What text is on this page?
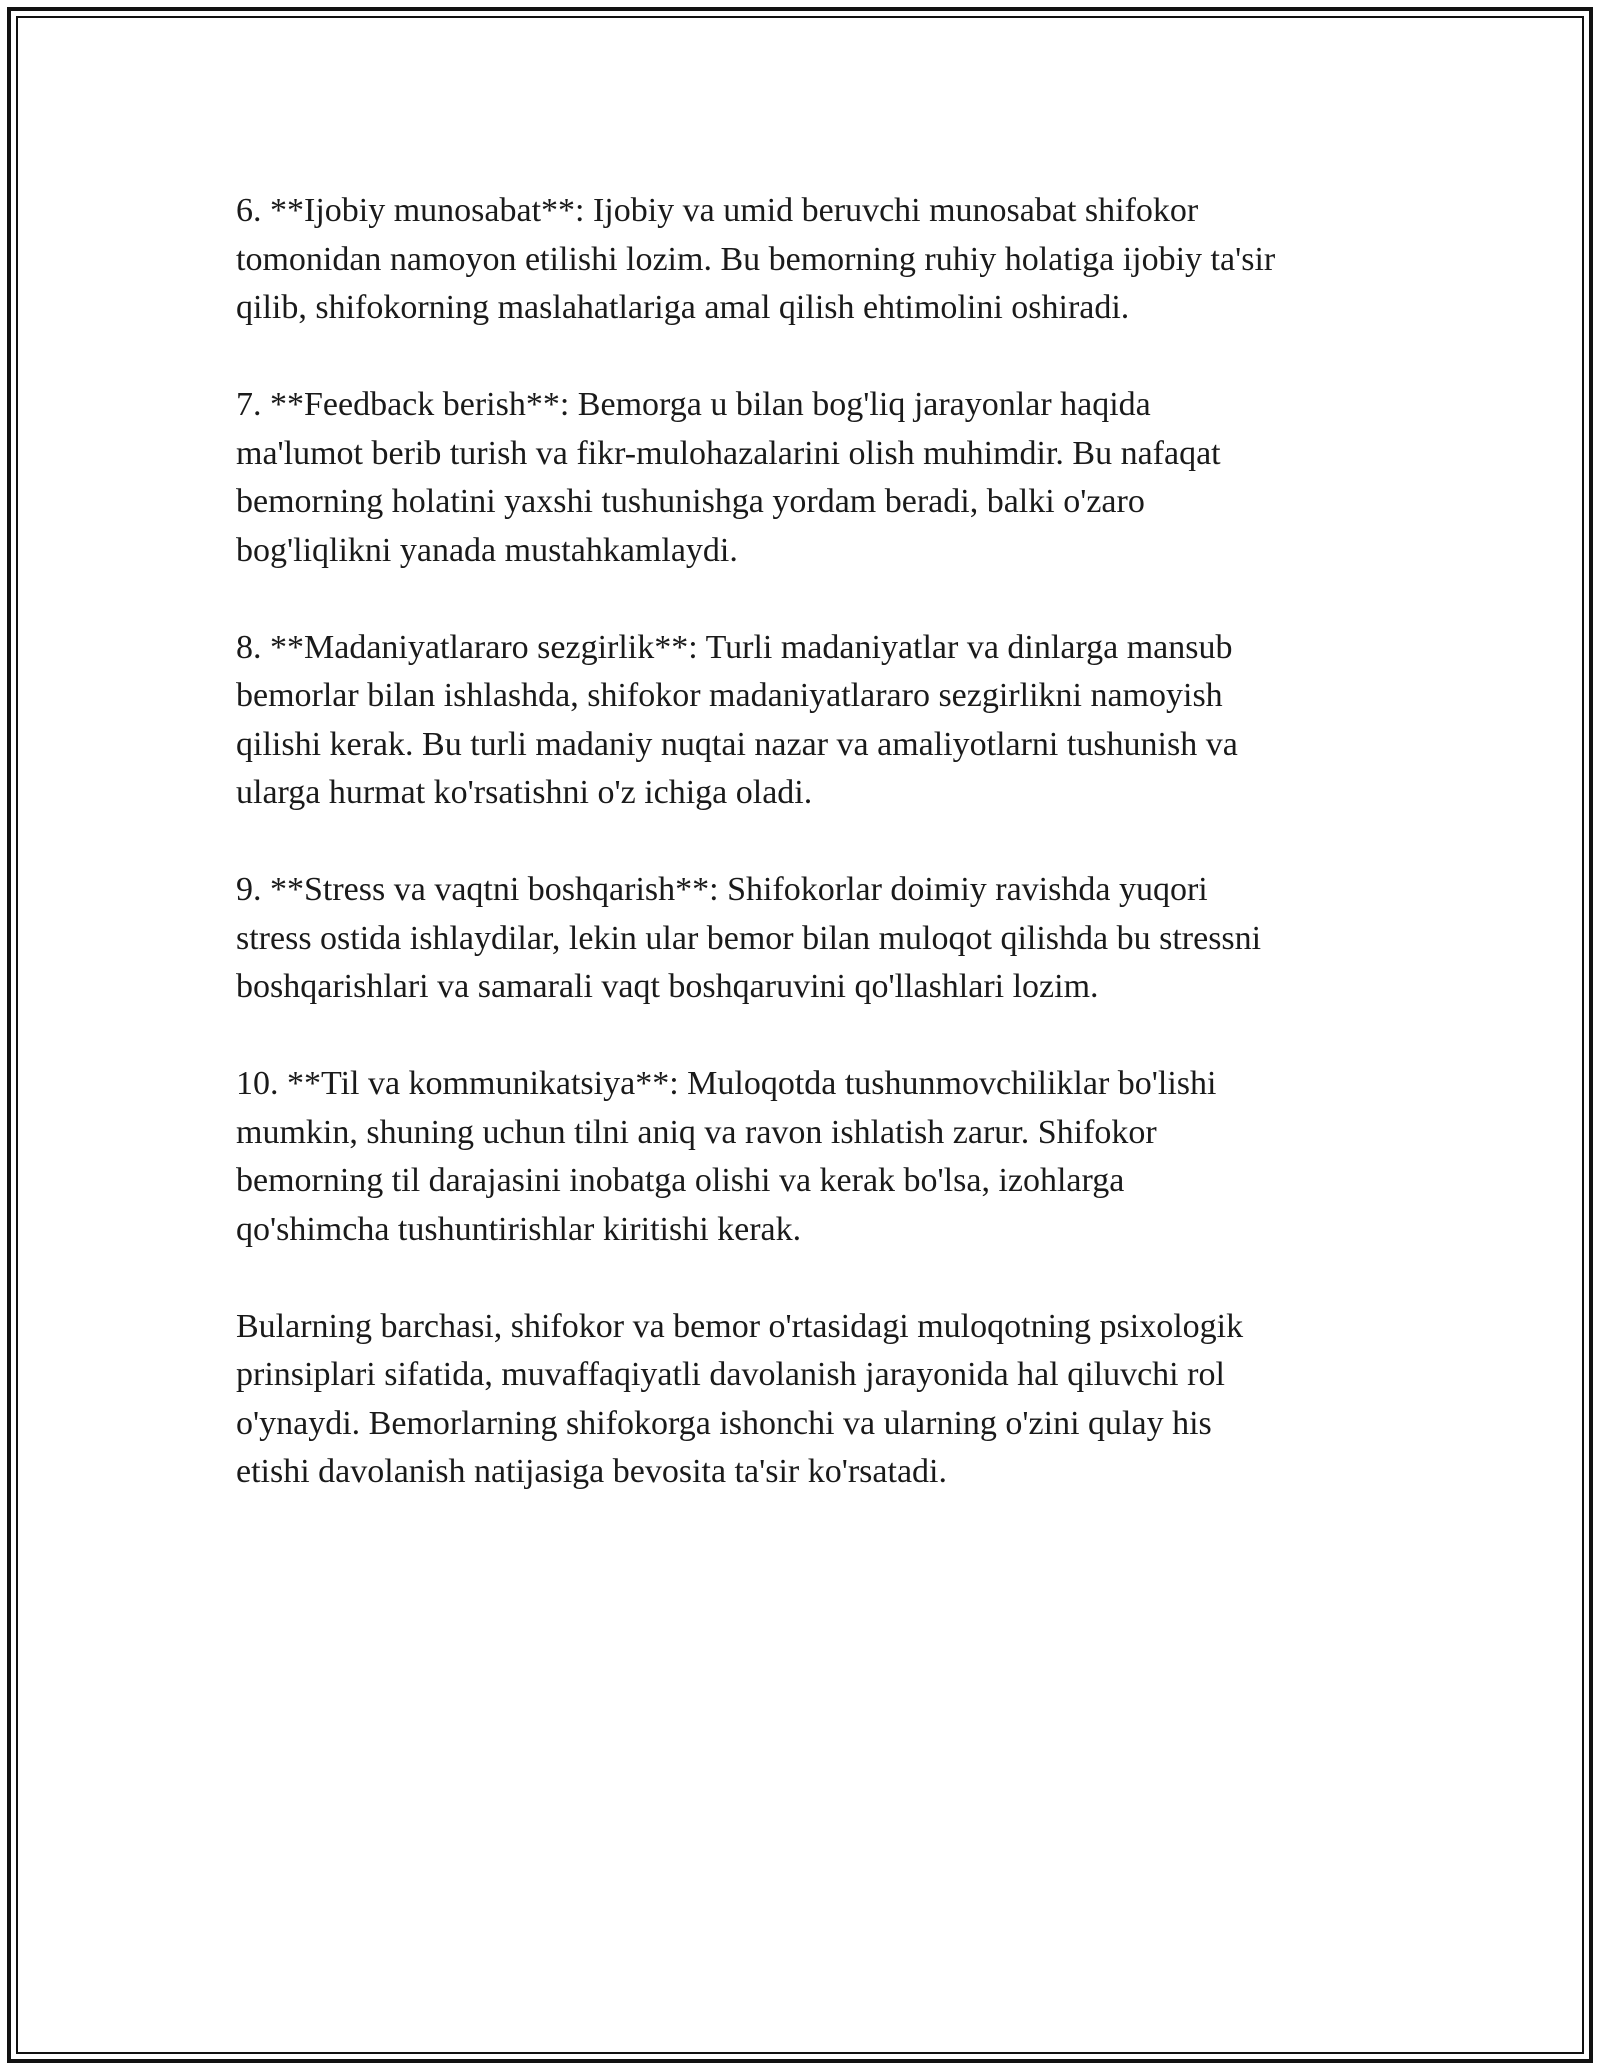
6. **Ijobiy munosabat**: Ijobiy va umid beruvchi munosabat shifokor
tomonidan namoyon etilishi lozim. Bu bemorning ruhiy holatiga ijobiy ta'sir
qilib, shifokorning maslahatlariga amal qilish ehtimolini oshiradi.

7. **Feedback berish**: Bemorga u bilan bog'liq jarayonlar haqida
ma'lumot berib turish va fikr-mulohazalarini olish muhimdir. Bu nafaqat
bemorning holatini yaxshi tushunishga yordam beradi, balki o'zaro
bog'liqlikni yanada mustahkamlaydi.

8. **Madaniyatlararo sezgirlik**: Turli madaniyatlar va dinlarga mansub
bemorlar bilan ishlashda, shifokor madaniyatlararo sezgirlikni namoyish
qilishi kerak. Bu turli madaniy nuqtai nazar va amaliyotlarni tushunish va
ularga hurmat ko'rsatishni o'z ichiga oladi.

9. **Stress va vaqtni boshqarish**: Shifokorlar doimiy ravishda yuqori
stress ostida ishlaydilar, lekin ular bemor bilan muloqot qilishda bu stressni
boshqarishlari va samarali vaqt boshqaruvini qo'llashlari lozim.

10. **Til va kommunikatsiya**: Muloqotda tushunmovchiliklar bo'lishi
mumkin, shuning uchun tilni aniq va ravon ishlatish zarur. Shifokor
bemorning til darajasini inobatga olishi va kerak bo'lsa, izohlarga
qo'shimcha tushuntirishlar kiritishi kerak.

Bularning barchasi, shifokor va bemor o'rtasidagi muloqotning psixologik
prinsiplari sifatida, muvaffaqiyatli davolanish jarayonida hal qiluvchi rol
o'ynaydi. Bemorlarning shifokorga ishonchi va ularning o'zini qulay his
etishi davolanish natijasiga bevosita ta'sir ko'rsatadi.
